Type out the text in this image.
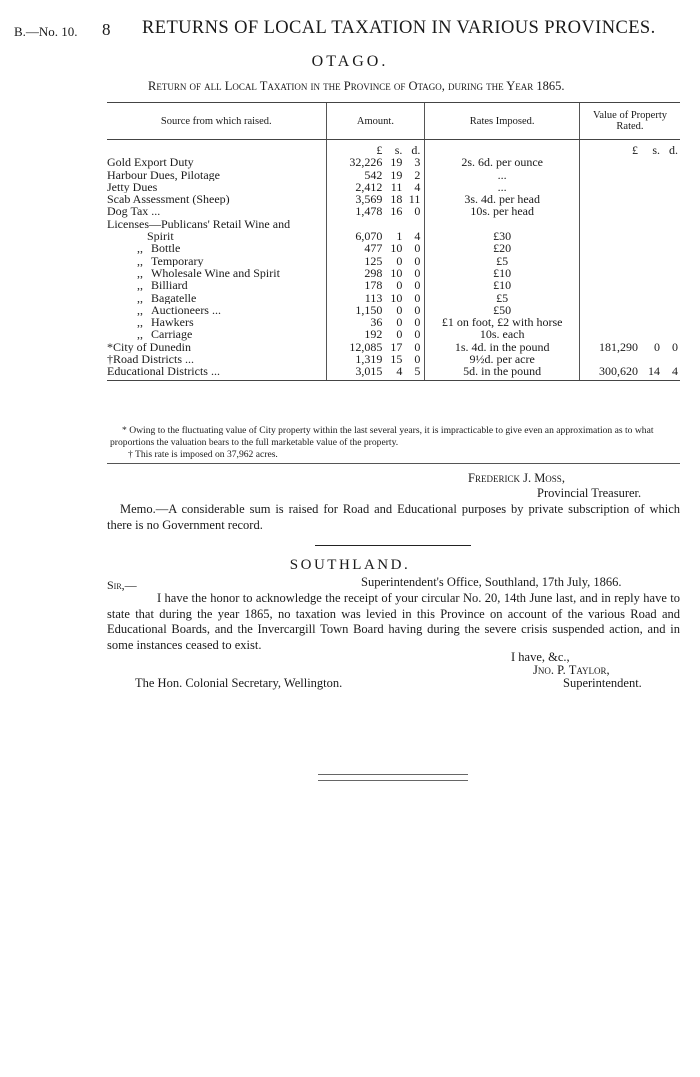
B.—No. 10. 8 RETURNS OF LOCAL TAXATION IN VARIOUS PROVINCES.
OTAGO.
Return of all Local Taxation in the Province of Otago, during the Year 1865.
Source from which raised.	Amount.	Rates Imposed.	Value of Property Rated.

	£ s. d.		£ s. d.

Gold Export Duty	32,226 19 3	2s. 6d. per ounce	

Harbour Dues, Pilotage	542 19 2	...	

Jetty Dues	2,412 11 4	...	

Scab Assessment (Sheep)	3,569 18 11	3s. 4d. per head	

Dog Tax ...	1,478 16 0	10s. per head	

Licenses—Publicans' Retail Wine and			

Spirit	6,070 1 4	£30	

,, Bottle	477 10 0	£20	

,, Temporary	125 0 0	£5	

,, Wholesale Wine and Spirit	298 10 0	£10	

,, Billiard	178 0 0	£10	

,, Bagatelle	113 10 0	£5	

,, Auctioneers ...	1,150 0 0	£50	

,, Hawkers	36 0 0	£1 on foot, £2 with horse	

,, Carriage	192 0 0	10s. each	

*City of Dunedin	12,085 17 0	1s. 4d. in the pound	181,290 0 0

†Road Districts ...	1,319 15 0	9½d. per acre	

Educational Districts ...	3,015 4 5	5d. in the pound	300,620 14 4

* Owing to the fluctuating value of City property within the last several years, it is impracticable to give even an approximation as to what proportions the valuation bears to the full marketable value of the property.

† This rate is imposed on 37,962 acres.

Frederick J. Moss,
Provincial Treasurer.

Memo.—A considerable sum is raised for Road and Educational purposes by private subscription of which there is no Government record.

SOUTHLAND.
Sir,—	Superintendent's Office, Southland, 17th July, 1866.

I have the honor to acknowledge the receipt of your circular No. 20, 14th June last, and in reply have to state that during the year 1865, no taxation was levied in this Province on account of the various Road and Educational Boards, and the Invercargill Town Board having during the severe crisis suspended action, and in some instances ceased to exist.

I have, &c.,
Jno. P. Taylor,
The Hon. Colonial Secretary, Wellington.	Superintendent.
